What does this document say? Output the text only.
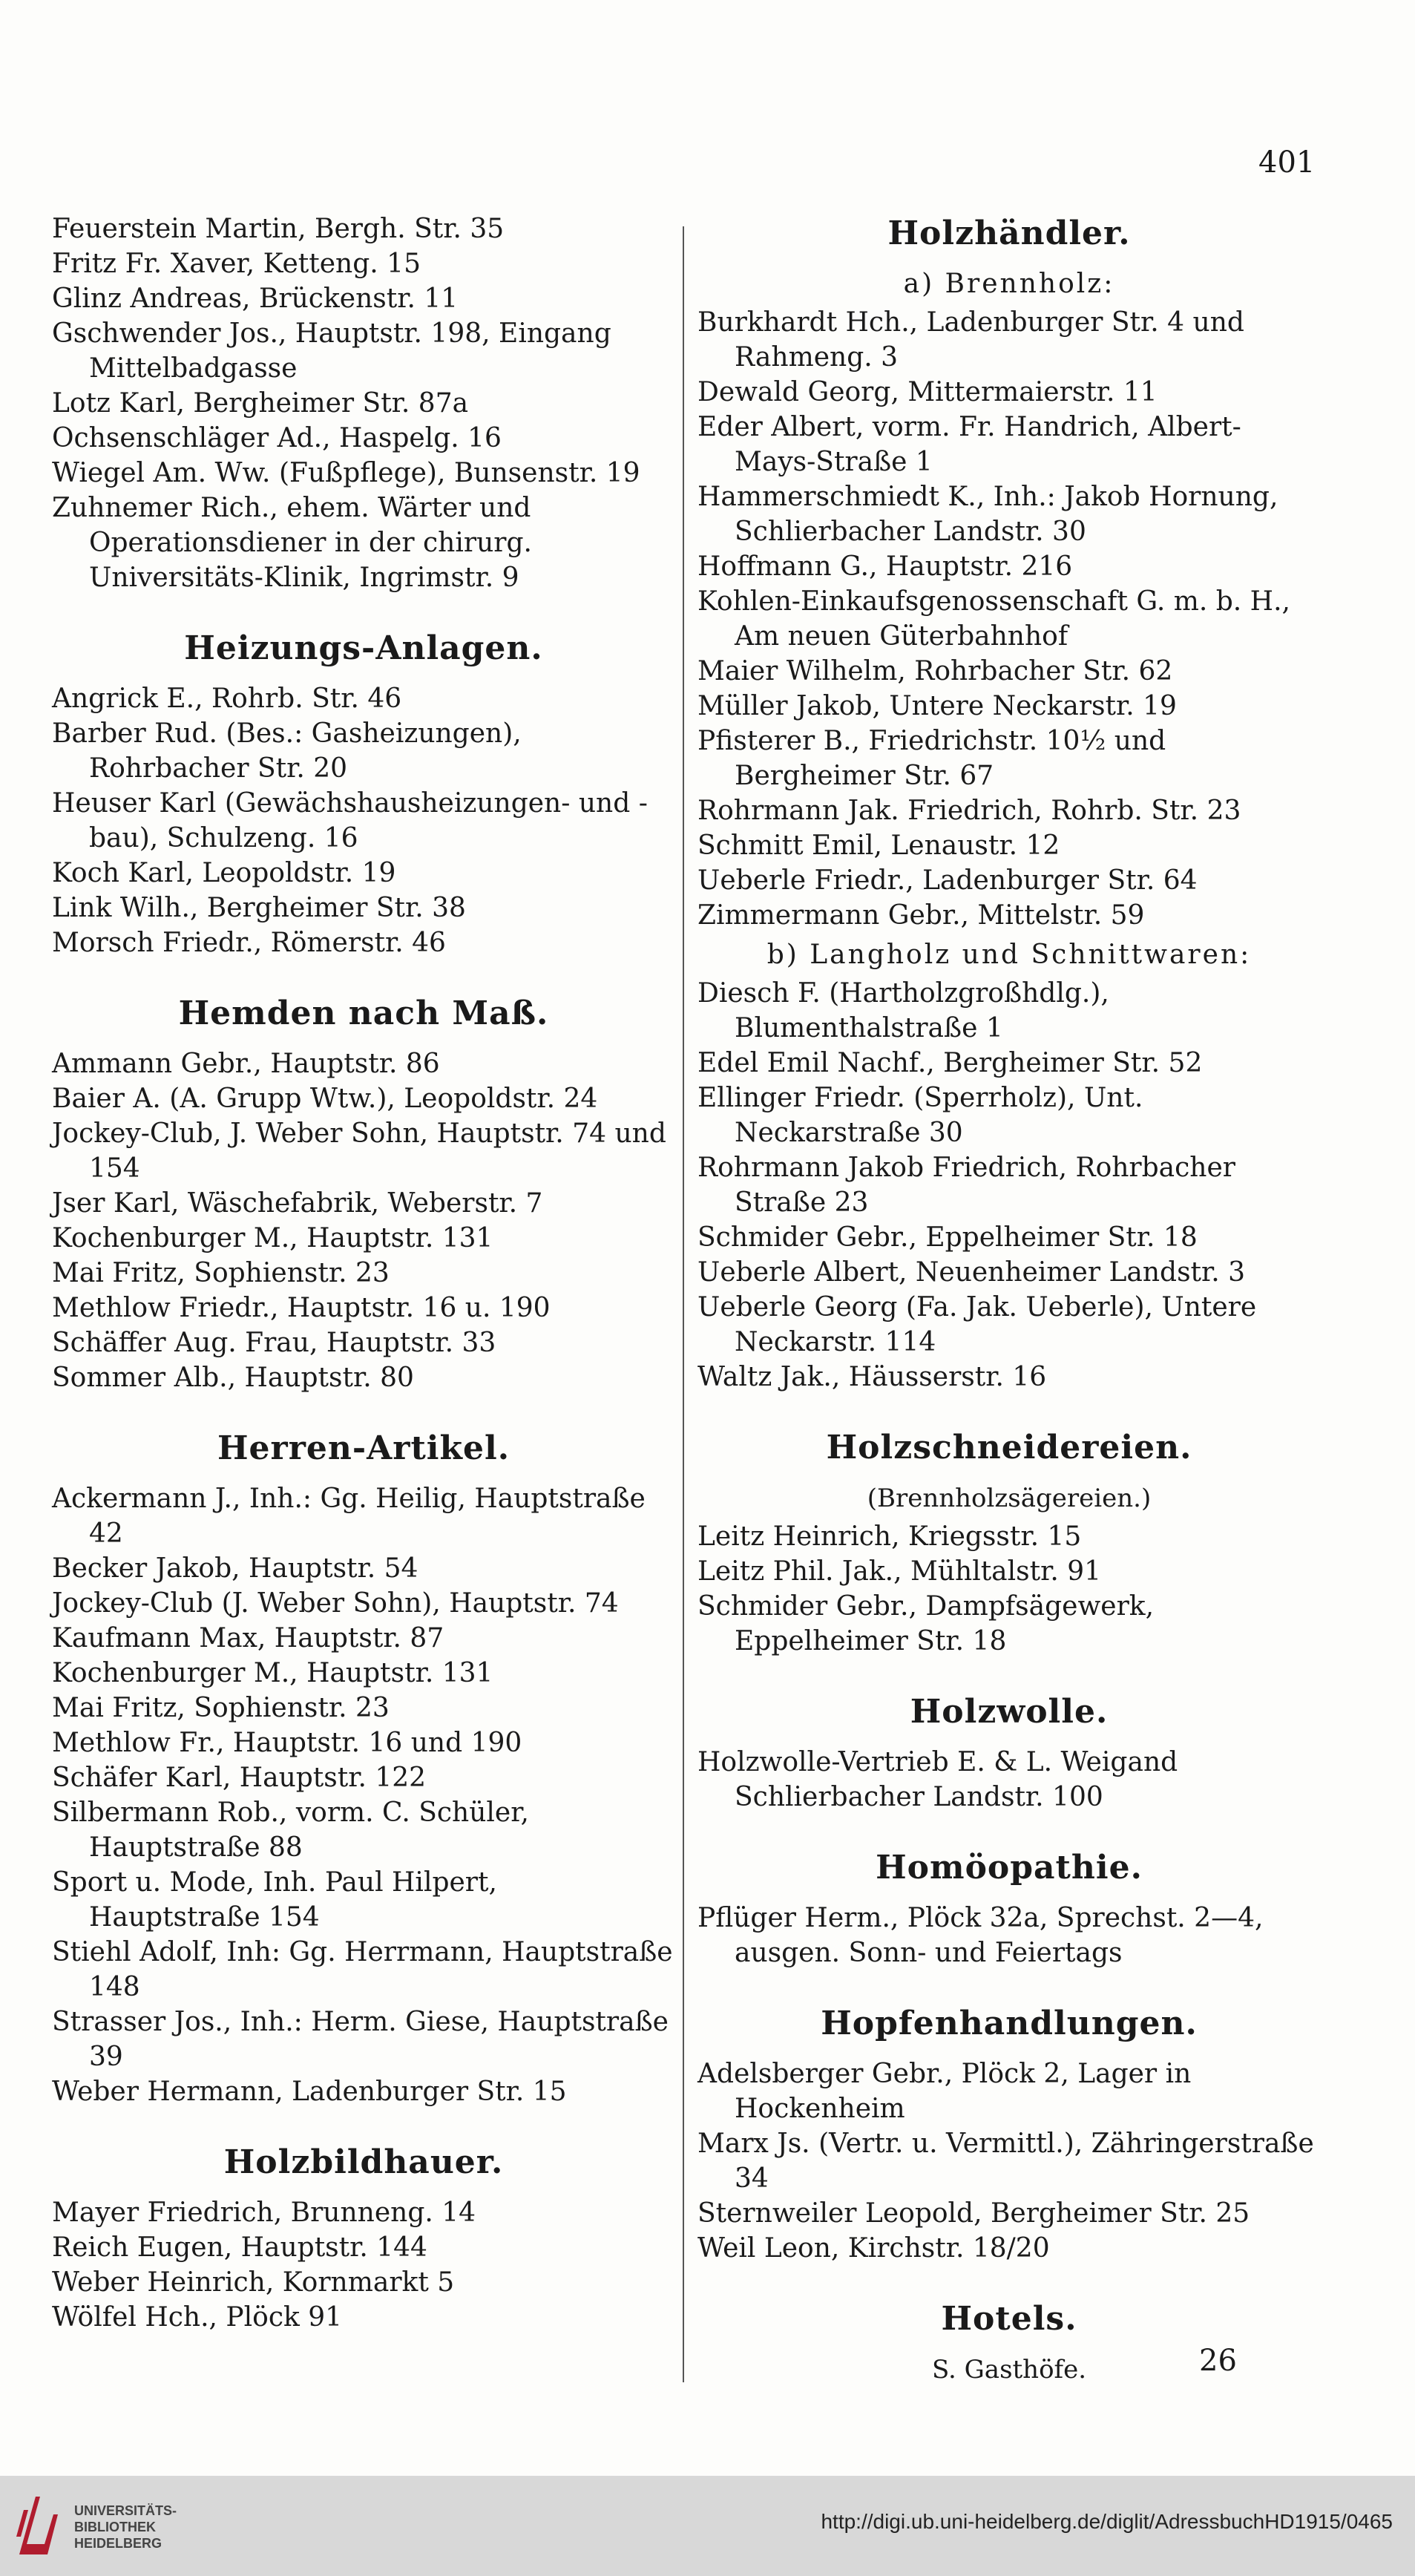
401
Feuerstein Martin, Bergh. Str. 35
Fritz Fr. Xaver, Ketteng. 15
Glinz Andreas, Brückenstr. 11
Gschwender Jos., Hauptstr. 198, Eingang Mittelbadgasse
Lotz Karl, Bergheimer Str. 87a
Ochsenschläger Ad., Haspelg. 16
Wiegel Am. Ww. (Fußpflege), Bunsenstr. 19
Zuhnemer Rich., ehem. Wärter und Operationsdiener in der chirurg. Universitäts-Klinik, Ingrimstr. 9
Heizungs-Anlagen.
Angrick E., Rohrb. Str. 46
Barber Rud. (Bes.: Gasheizungen), Rohrbacher Str. 20
Heuser Karl (Gewächshausheizungen- und -bau), Schulzeng. 16
Koch Karl, Leopoldstr. 19
Link Wilh., Bergheimer Str. 38
Morsch Friedr., Römerstr. 46
Hemden nach Maß.
Ammann Gebr., Hauptstr. 86
Baier A. (A. Grupp Wtw.), Leopoldstr. 24
Jockey-Club, J. Weber Sohn, Hauptstr. 74 und 154
Jser Karl, Wäschefabrik, Weberstr. 7
Kochenburger M., Hauptstr. 131
Mai Fritz, Sophienstr. 23
Methlow Friedr., Hauptstr. 16 u. 190
Schäffer Aug. Frau, Hauptstr. 33
Sommer Alb., Hauptstr. 80
Herren-Artikel.
Ackermann J., Inh.: Gg. Heilig, Hauptstraße 42
Becker Jakob, Hauptstr. 54
Jockey-Club (J. Weber Sohn), Hauptstr. 74
Kaufmann Max, Hauptstr. 87
Kochenburger M., Hauptstr. 131
Mai Fritz, Sophienstr. 23
Methlow Fr., Hauptstr. 16 und 190
Schäfer Karl, Hauptstr. 122
Silbermann Rob., vorm. C. Schüler, Hauptstraße 88
Sport u. Mode, Inh. Paul Hilpert, Hauptstraße 154
Stiehl Adolf, Inh: Gg. Herrmann, Hauptstraße 148
Strasser Jos., Inh.: Herm. Giese, Hauptstraße 39
Weber Hermann, Ladenburger Str. 15
Holzbildhauer.
Mayer Friedrich, Brunneng. 14
Reich Eugen, Hauptstr. 144
Weber Heinrich, Kornmarkt 5
Wölfel Hch., Plöck 91
Holzhändler.
a) Brennholz:
Burkhardt Hch., Ladenburger Str. 4 und Rahmeng. 3
Dewald Georg, Mittermaierstr. 11
Eder Albert, vorm. Fr. Handrich, Albert-Mays-Straße 1
Hammerschmiedt K., Inh.: Jakob Hornung, Schlierbacher Landstr. 30
Hoffmann G., Hauptstr. 216
Kohlen-Einkaufsgenossenschaft G. m. b. H., Am neuen Güterbahnhof
Maier Wilhelm, Rohrbacher Str. 62
Müller Jakob, Untere Neckarstr. 19
Pfisterer B., Friedrichstr. 10½ und Bergheimer Str. 67
Rohrmann Jak. Friedrich, Rohrb. Str. 23
Schmitt Emil, Lenaustr. 12
Ueberle Friedr., Ladenburger Str. 64
Zimmermann Gebr., Mittelstr. 59
b) Langholz und Schnittwaren:
Diesch F. (Hartholzgroßhdlg.), Blumenthalstraße 1
Edel Emil Nachf., Bergheimer Str. 52
Ellinger Friedr. (Sperrholz), Unt. Neckarstraße 30
Rohrmann Jakob Friedrich, Rohrbacher Straße 23
Schmider Gebr., Eppelheimer Str. 18
Ueberle Albert, Neuenheimer Landstr. 3
Ueberle Georg (Fa. Jak. Ueberle), Untere Neckarstr. 114
Waltz Jak., Häusserstr. 16
Holzschneidereien.
(Brennholzsägereien.)
Leitz Heinrich, Kriegsstr. 15
Leitz Phil. Jak., Mühltalstr. 91
Schmider Gebr., Dampfsägewerk, Eppelheimer Str. 18
Holzwolle.
Holzwolle-Vertrieb E. & L. Weigand Schlierbacher Landstr. 100
Homöopathie.
Pflüger Herm., Plöck 32a, Sprechst. 2—4, ausgen. Sonn- und Feiertags
Hopfenhandlungen.
Adelsberger Gebr., Plöck 2, Lager in Hockenheim
Marx Js. (Vertr. u. Vermittl.), Zähringerstraße 34
Sternweiler Leopold, Bergheimer Str. 25
Weil Leon, Kirchstr. 18/20
Hotels.
S. Gasthöfe.	26
UNIVERSITÄTS-
BIBLIOTHEK
HEIDELBERG
http://digi.ub.uni-heidelberg.de/diglit/AdressbuchHD1915/0465
